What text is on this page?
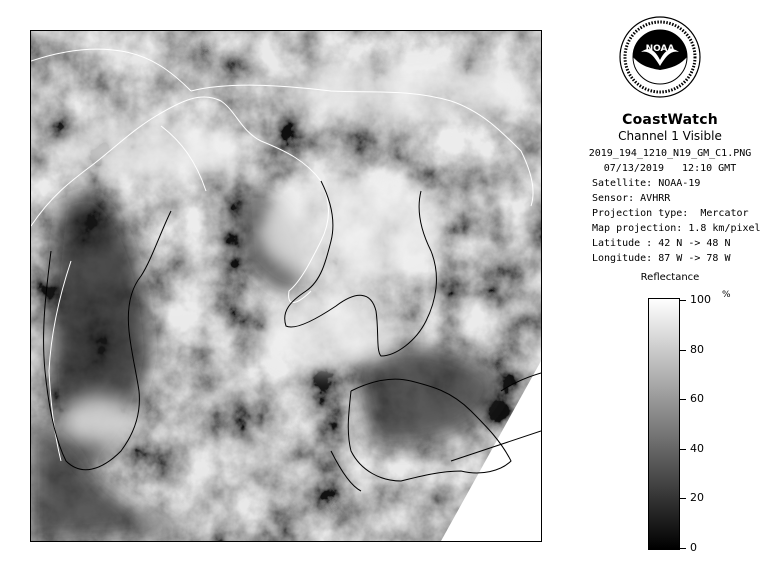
NOAA
CoastWatch
Channel 1 Visible
2019_194_1210_N19_GM_C1.PNG
07/13/2019   12:10 GMT
Satellite: NOAA-19
Sensor: AVHRR
Projection type:  Mercator
Map projection: 1.8 km/pixel
Latitude : 42 N -> 48 N
Longitude: 87 W -> 78 W
Reflectance
100
80
60
40
20
0
%
